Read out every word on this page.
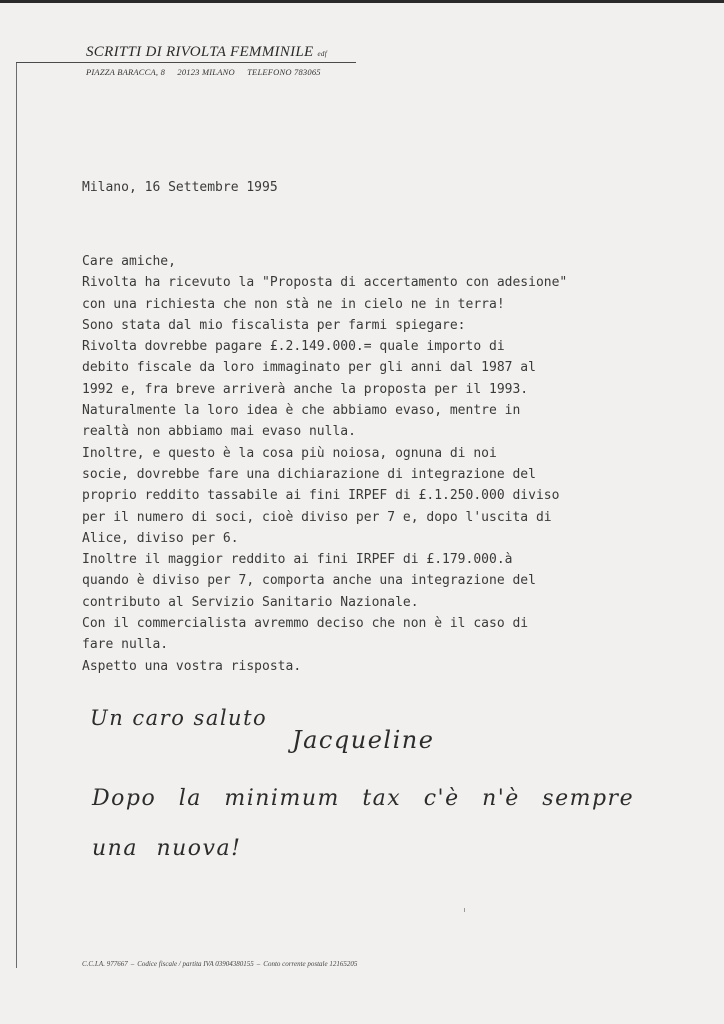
SCRITTI DI RIVOLTA FEMMINILE edf
PIAZZA BARACCA, 8 20123 MILANO TELEFONO 783065
Milano, 16 Settembre 1995
Care amiche,
Rivolta ha ricevuto la "Proposta di accertamento con adesione"
con una richiesta che non stà ne in cielo ne in terra!
Sono stata dal mio fiscalista per farmi spiegare:
Rivolta dovrebbe pagare £.2.149.000.= quale importo di
debito fiscale da loro immaginato per gli anni dal 1987 al
1992 e, fra breve arriverà anche la proposta per il 1993.
Naturalmente la loro idea è che abbiamo evaso, mentre in
realtà non abbiamo mai evaso nulla.
Inoltre, e questo è la cosa più noiosa, ognuna di noi
socie, dovrebbe fare una dichiarazione di integrazione del
proprio reddito tassabile ai fini IRPEF di £.1.250.000 diviso
per il numero di soci, cioè diviso per 7 e, dopo l'uscita di
Alice, diviso per 6.
Inoltre il maggior reddito ai fini IRPEF di £.179.000.à
quando è diviso per 7, comporta anche una integrazione del
contributo al Servizio Sanitario Nazionale.
Con il commercialista avremmo deciso che non è il caso di
fare nulla.
Aspetto una vostra risposta.
Un caro saluto
Jacqueline
Dopo la minimum tax c'è n'è sempre
una nuova!
C.C.I.A. 977667 – Codice fiscale / partita IVA 03904380155 – Conto corrente postale 12165205
